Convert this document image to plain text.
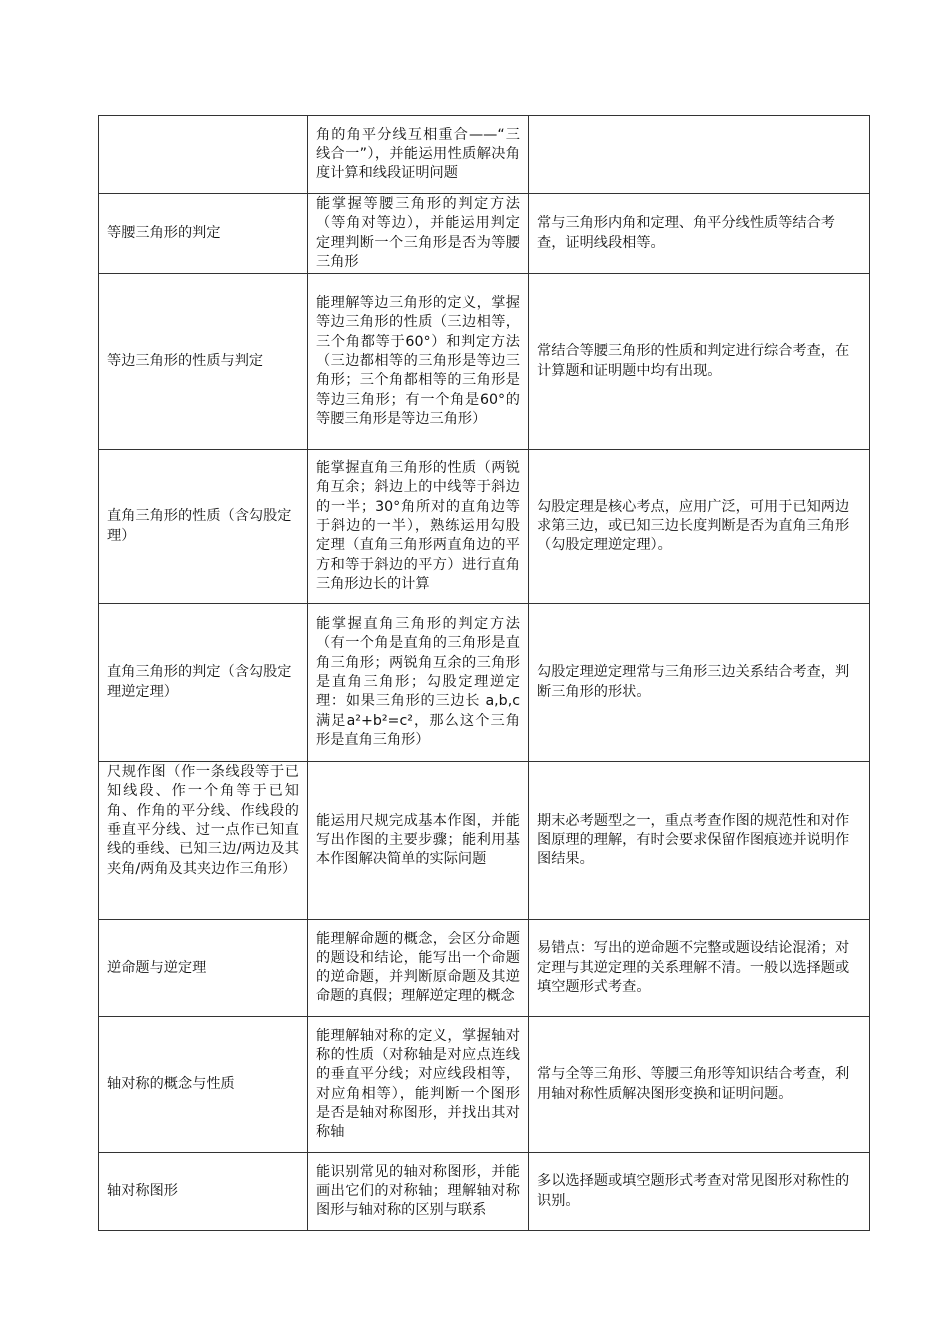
	角的角平分线互相重合——“三线合一”），并能运用性质解决角度计算和线段证明问题	
等腰三角形的判定	能掌握等腰三角形的判定方法（等角对等边），并能运用判定定理判断一个三角形是否为等腰三角形	常与三角形内角和定理、角平分线性质等结合考查，证明线段相等。
等边三角形的性质与判定	能理解等边三角形的定义，掌握等边三角形的性质（三边相等，三个角都等于60°）和判定方法（三边都相等的三角形是等边三角形；三个角都相等的三角形是等边三角形；有一个角是60°的等腰三角形是等边三角形）	常结合等腰三角形的性质和判定进行综合考查，在计算题和证明题中均有出现。
直角三角形的性质（含勾股定理）	能掌握直角三角形的性质（两锐角互余；斜边上的中线等于斜边的一半；30°角所对的直角边等于斜边的一半），熟练运用勾股定理（直角三角形两直角边的平方和等于斜边的平方）进行直角三角形边长的计算	勾股定理是核心考点，应用广泛，可用于已知两边求第三边，或已知三边长度判断是否为直角三角形（勾股定理逆定理）。
直角三角形的判定（含勾股定理逆定理）	能掌握直角三角形的判定方法（有一个角是直角的三角形是直角三角形；两锐角互余的三角形是直角三角形；勾股定理逆定理：如果三角形的三边长 a,b,c 满足a²+b²=c²，那么这个三角形是直角三角形）	勾股定理逆定理常与三角形三边关系结合考查，判断三角形的形状。
尺规作图（作一条线段等于已知线段、作一个角等于已知角、作角的平分线、作线段的垂直平分线、过一点作已知直线的垂线、已知三边/两边及其夹角/两角及其夹边作三角形）	能运用尺规完成基本作图，并能写出作图的主要步骤；能利用基本作图解决简单的实际问题	期末必考题型之一，重点考查作图的规范性和对作图原理的理解，有时会要求保留作图痕迹并说明作图结果。
逆命题与逆定理	能理解命题的概念，会区分命题的题设和结论，能写出一个命题的逆命题，并判断原命题及其逆命题的真假；理解逆定理的概念	易错点：写出的逆命题不完整或题设结论混淆；对定理与其逆定理的关系理解不清。一般以选择题或填空题形式考查。
轴对称的概念与性质	能理解轴对称的定义，掌握轴对称的性质（对称轴是对应点连线的垂直平分线；对应线段相等，对应角相等），能判断一个图形是否是轴对称图形，并找出其对称轴	常与全等三角形、等腰三角形等知识结合考查，利用轴对称性质解决图形变换和证明问题。
轴对称图形	能识别常见的轴对称图形，并能画出它们的对称轴；理解轴对称图形与轴对称的区别与联系	多以选择题或填空题形式考查对常见图形对称性的识别。
